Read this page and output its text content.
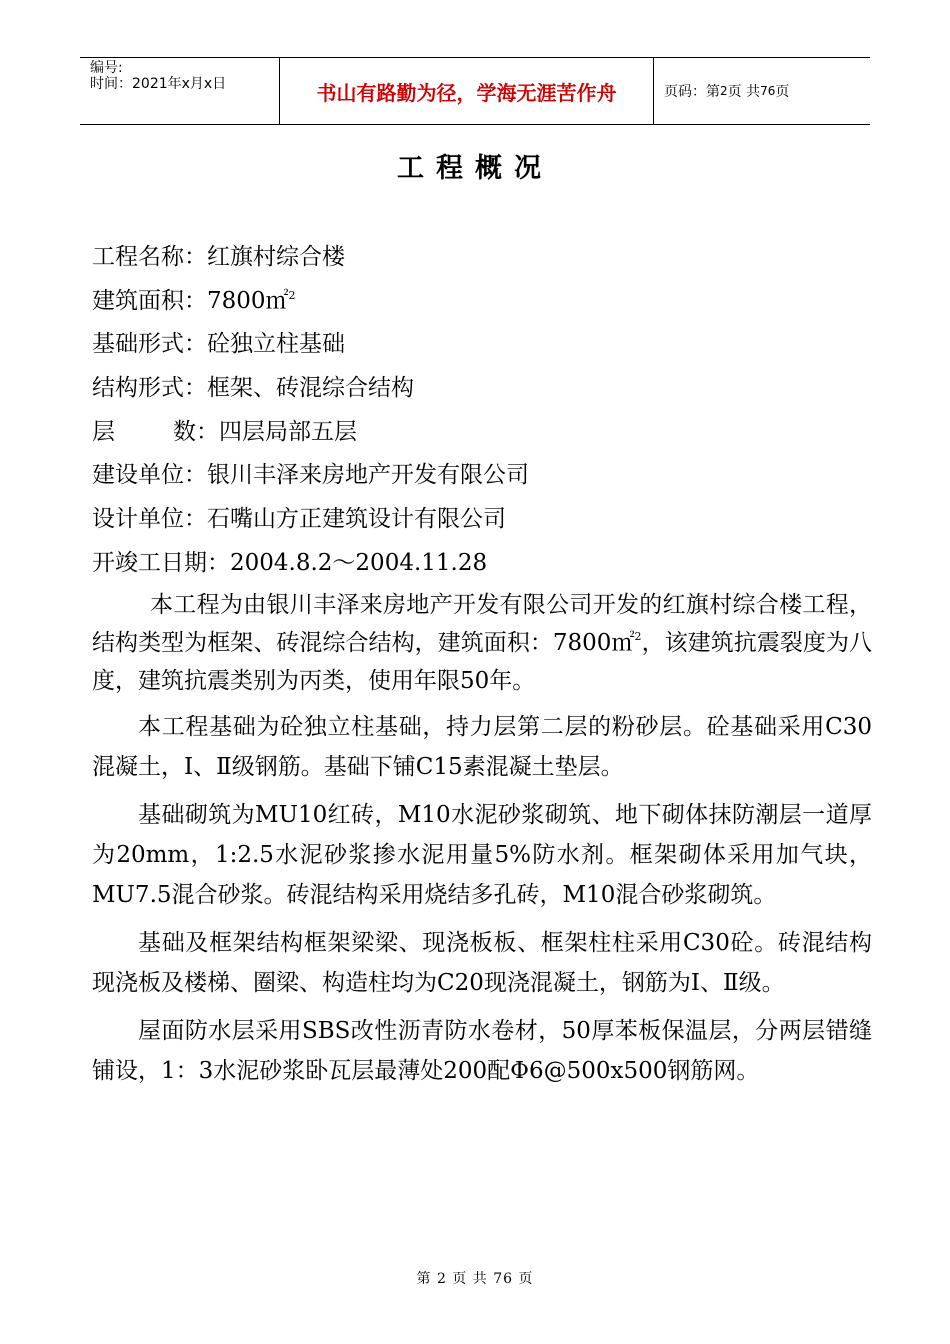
编号:
时间：2021年x月x日	书山有路勤为径，学海无涯苦作舟	页码：第 2 页 共 76 页
工程概况
工程名称：红旗村综合楼
建筑面积：7800㎡$^2$
基础形式：砼独立柱基础
结构形式：框架、砖混综合结构
层	数：四层局部五层
建设单位：银川丰泽来房地产开发有限公司
设计单位：石嘴山方正建筑设计有限公司
开竣工日期：2004.8.2～2004.11.28

本工程为由银川丰泽来房地产开发有限公司开发的红旗村综合楼工程，结构类型为框架、砖混综合结构，建筑面积：7800㎡$^2$，该建筑抗震裂度为八度，建筑抗震类别为丙类，使用年限50年。

本工程基础为砼独立柱基础，持力层第二层的粉砂层。砼基础采用C30混凝土，Ⅰ、Ⅱ级钢筋。基础下铺C15素混凝土垫层。

基础砌筑为MU10红砖，M10水泥砂浆砌筑、地下砌体抹防潮层一道厚为20mm，1:2.5水泥砂浆掺水泥用量5%防水剂。框架砌体采用加气块，MU7.5混合砂浆。砖混结构采用烧结多孔砖，M10混合砂浆砌筑。

基础及框架结构框架梁梁、现浇板板、框架柱柱采用C30砼。砖混结构现浇板及楼梯、圈梁、构造柱均为C20现浇混凝土，钢筋为Ⅰ、Ⅱ级。

屋面防水层采用SBS改性沥青防水卷材，50厚苯板保温层，分两层错缝铺设，1：3水泥砂浆卧瓦层最薄处200配Φ6@500x500钢筋网。

第 2 页 共 76 页
